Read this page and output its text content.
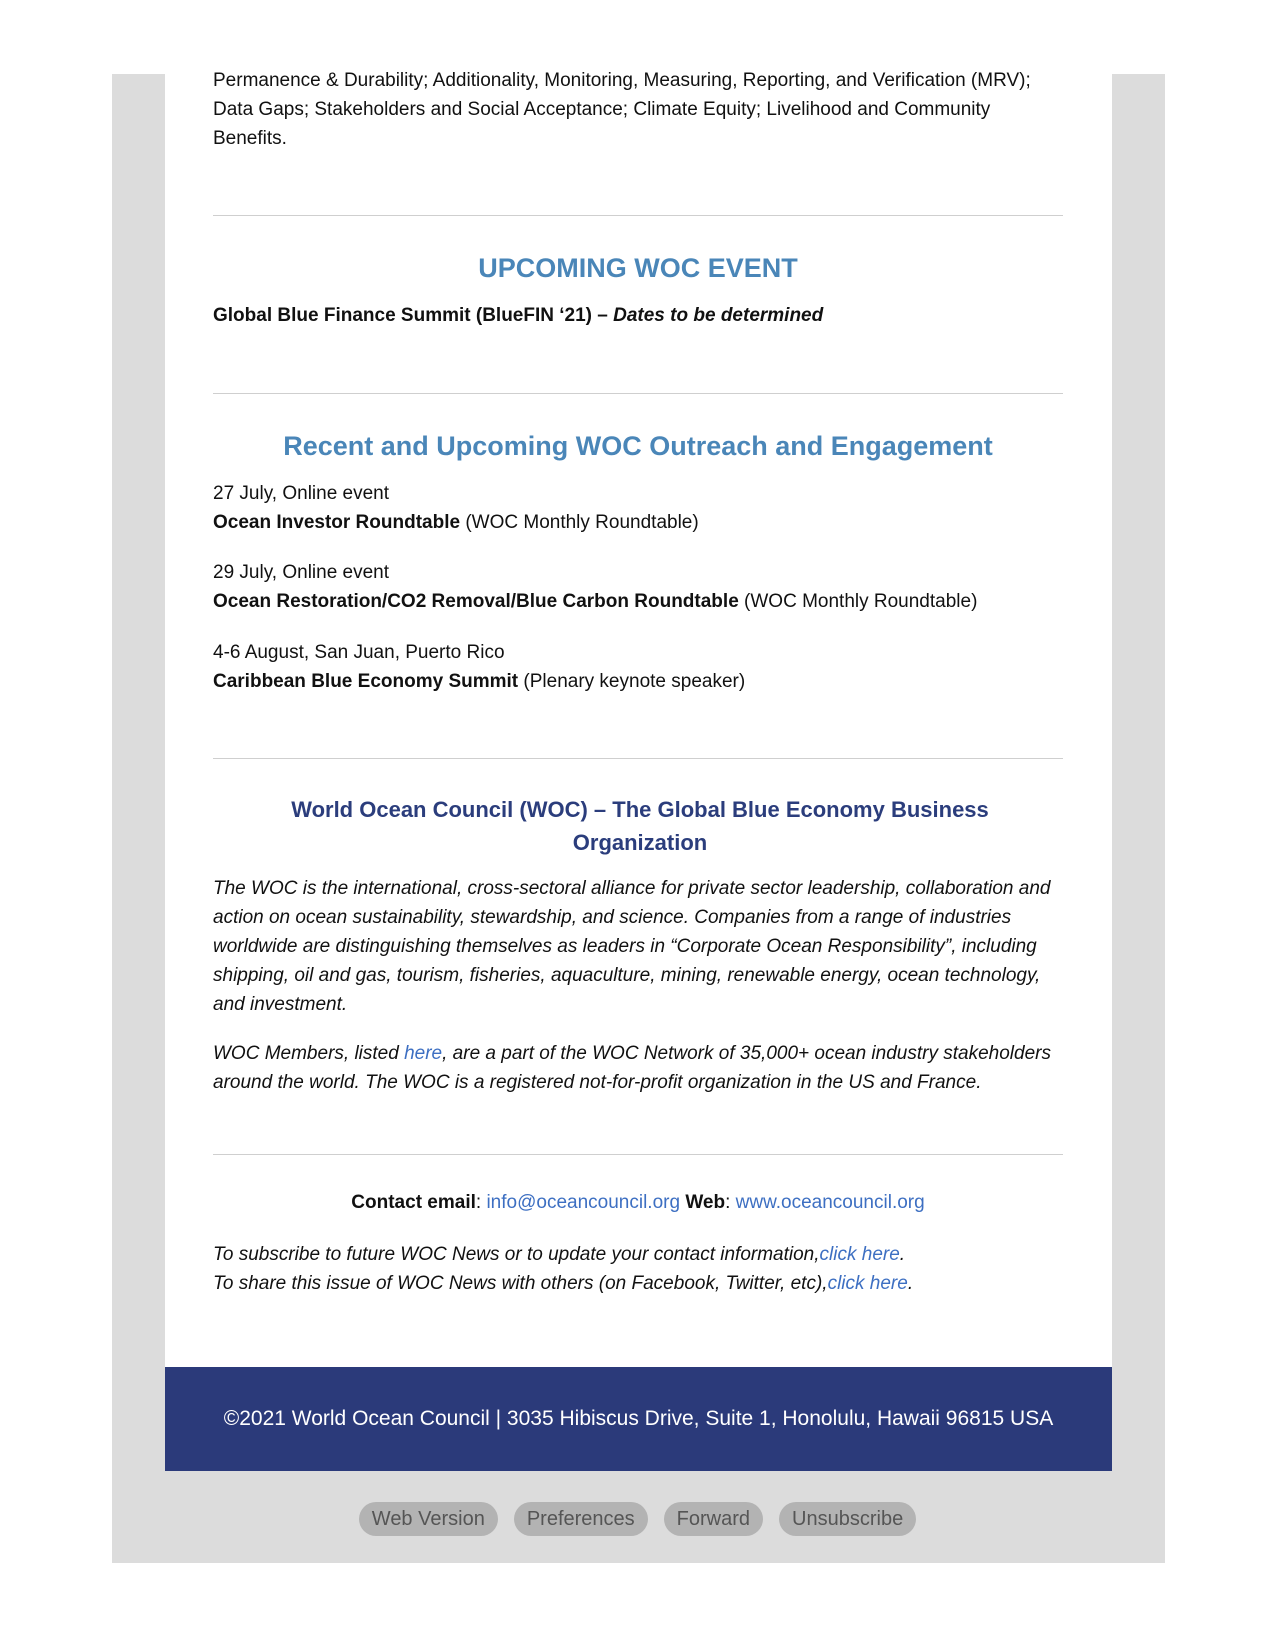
Permanence & Durability; Additionality, Monitoring, Measuring, Reporting, and Verification (MRV); Data Gaps; Stakeholders and Social Acceptance; Climate Equity; Livelihood and Community Benefits.

UPCOMING WOC EVENT
Global Blue Finance Summit (BlueFIN ‘21) – Dates to be determined
Recent and Upcoming WOC Outreach and Engagement
27 July, Online event
Ocean Investor Roundtable (WOC Monthly Roundtable)
29 July, Online event
Ocean Restoration/CO2 Removal/Blue Carbon Roundtable (WOC Monthly Roundtable)
4-6 August, San Juan, Puerto Rico
Caribbean Blue Economy Summit (Plenary keynote speaker)
World Ocean Council (WOC) – The Global Blue Economy Business Organization

The WOC is the international, cross-sectoral alliance for private sector leadership, collaboration and action on ocean sustainability, stewardship, and science. Companies from a range of industries worldwide are distinguishing themselves as leaders in “Corporate Ocean Responsibility”, including shipping, oil and gas, tourism, fisheries, aquaculture, mining, renewable energy, ocean technology, and investment.

WOC Members, listed here, are a part of the WOC Network of 35,000+ ocean industry stakeholders around the world. The WOC is a registered not-for-profit organization in the US and France.

Contact email: info@oceancouncil.org Web: www.oceancouncil.org
To subscribe to future WOC News or to update your contact information,click here.
To share this issue of WOC News with others (on Facebook, Twitter, etc),click here.
©2021 World Ocean Council | 3035 Hibiscus Drive, Suite 1, Honolulu, Hawaii 96815 USA
Web Version	Preferences	Forward	Unsubscribe
